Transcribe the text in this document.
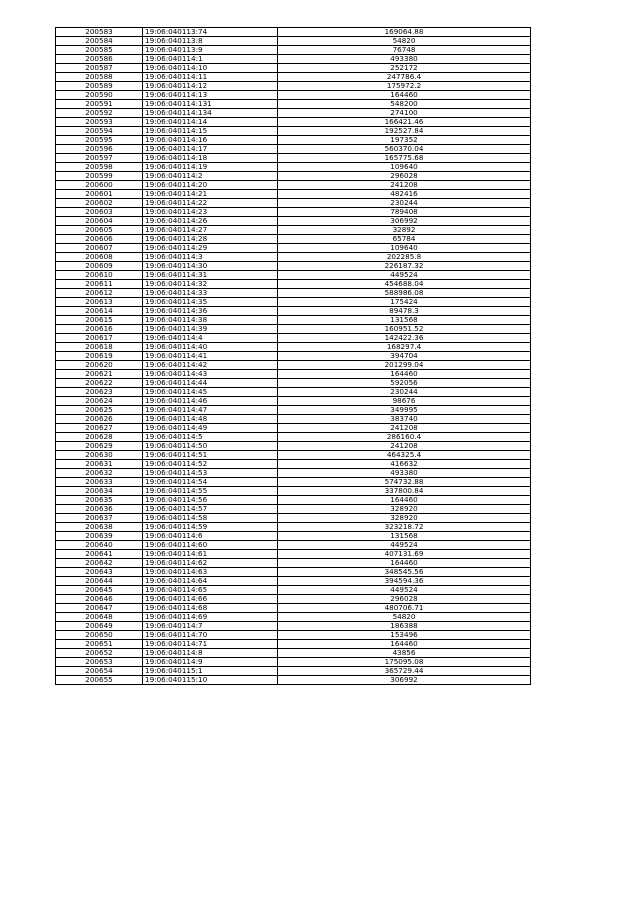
200583	19:06:040113:74	169064.88
200584	19:06:040113:8	54820
200585	19:06:040113:9	76748
200586	19:06:040114:1	493380
200587	19:06:040114:10	252172
200588	19:06:040114:11	247786.4
200589	19:06:040114:12	175972.2
200590	19:06:040114:13	164460
200591	19:06:040114:131	548200
200592	19:06:040114:134	274100
200593	19:06:040114:14	166421.46
200594	19:06:040114:15	192527.84
200595	19:06:040114:16	197352
200596	19:06:040114:17	560370.04
200597	19:06:040114:18	165775.68
200598	19:06:040114:19	109640
200599	19:06:040114:2	296028
200600	19:06:040114:20	241208
200601	19:06:040114:21	482416
200602	19:06:040114:22	230244
200603	19:06:040114:23	789408
200604	19:06:040114:26	306992
200605	19:06:040114:27	32892
200606	19:06:040114:28	65784
200607	19:06:040114:29	109640
200608	19:06:040114:3	202285.8
200609	19:06:040114:30	226187.32
200610	19:06:040114:31	449524
200611	19:06:040114:32	454688.04
200612	19:06:040114:33	588986.08
200613	19:06:040114:35	175424
200614	19:06:040114:36	89478.3
200615	19:06:040114:38	131568
200616	19:06:040114:39	160951.52
200617	19:06:040114:4	142422.36
200618	19:06:040114:40	168297.4
200619	19:06:040114:41	394704
200620	19:06:040114:42	201299.04
200621	19:06:040114:43	164460
200622	19:06:040114:44	592056
200623	19:06:040114:45	230244
200624	19:06:040114:46	98676
200625	19:06:040114:47	349995
200626	19:06:040114:48	383740
200627	19:06:040114:49	241208
200628	19:06:040114:5	286160.4
200629	19:06:040114:50	241208
200630	19:06:040114:51	464325.4
200631	19:06:040114:52	416632
200632	19:06:040114:53	493380
200633	19:06:040114:54	574732.88
200634	19:06:040114:55	337800.84
200635	19:06:040114:56	164460
200636	19:06:040114:57	328920
200637	19:06:040114:58	328920
200638	19:06:040114:59	323218.72
200639	19:06:040114:6	131568
200640	19:06:040114:60	449524
200641	19:06:040114:61	407131.69
200642	19:06:040114:62	164460
200643	19:06:040114:63	348545.56
200644	19:06:040114:64	394594.36
200645	19:06:040114:65	449524
200646	19:06:040114:66	296028
200647	19:06:040114:68	480706.71
200648	19:06:040114:69	54820
200649	19:06:040114:7	186388
200650	19:06:040114:70	153496
200651	19:06:040114:71	164460
200652	19:06:040114:8	43856
200653	19:06:040114:9	175095.08
200654	19:06:040115:1	365729.44
200655	19:06:040115:10	306992
